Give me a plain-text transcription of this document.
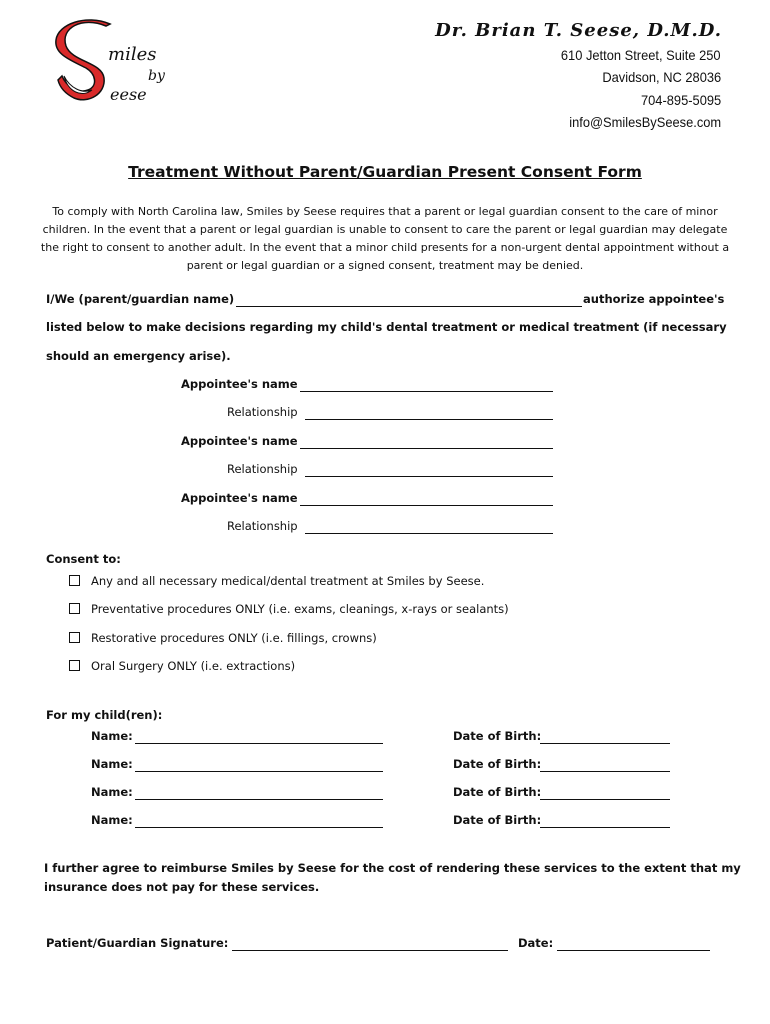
miles
by
eese
Dr. Brian T. Seese, D.M.D.
610 Jetton Street, Suite 250
Davidson, NC 28036
704-895-5095
info@SmilesBySeese.com
Treatment Without Parent/Guardian Present Consent Form
To comply with North Carolina law, Smiles by Seese requires that a parent or legal guardian consent to the care of minor children. In the event that a parent or legal guardian is unable to consent to care the parent or legal guardian may delegate the right to consent to another adult. In the event that a minor child presents for a non-urgent dental appointment without a parent or legal guardian or a signed consent, treatment may be denied.
I/We (parent/guardian name)	authorize appointee's
listed below to make decisions regarding my child's dental treatment or medical treatment (if necessary
should an emergency arise).
Appointee's name
Relationship
Appointee's name
Relationship
Appointee's name
Relationship
Consent to:
Any and all necessary medical/dental treatment at Smiles by Seese.
Preventative procedures ONLY (i.e. exams, cleanings, x-rays or sealants)
Restorative procedures ONLY (i.e. fillings, crowns)
Oral Surgery ONLY (i.e. extractions)
For my child(ren):
Name:	Date of Birth:
Name:	Date of Birth:
Name:	Date of Birth:
Name:	Date of Birth:
I further agree to reimburse Smiles by Seese for the cost of rendering these services to the extent that my
insurance does not pay for these services.
Patient/Guardian Signature:	Date:
